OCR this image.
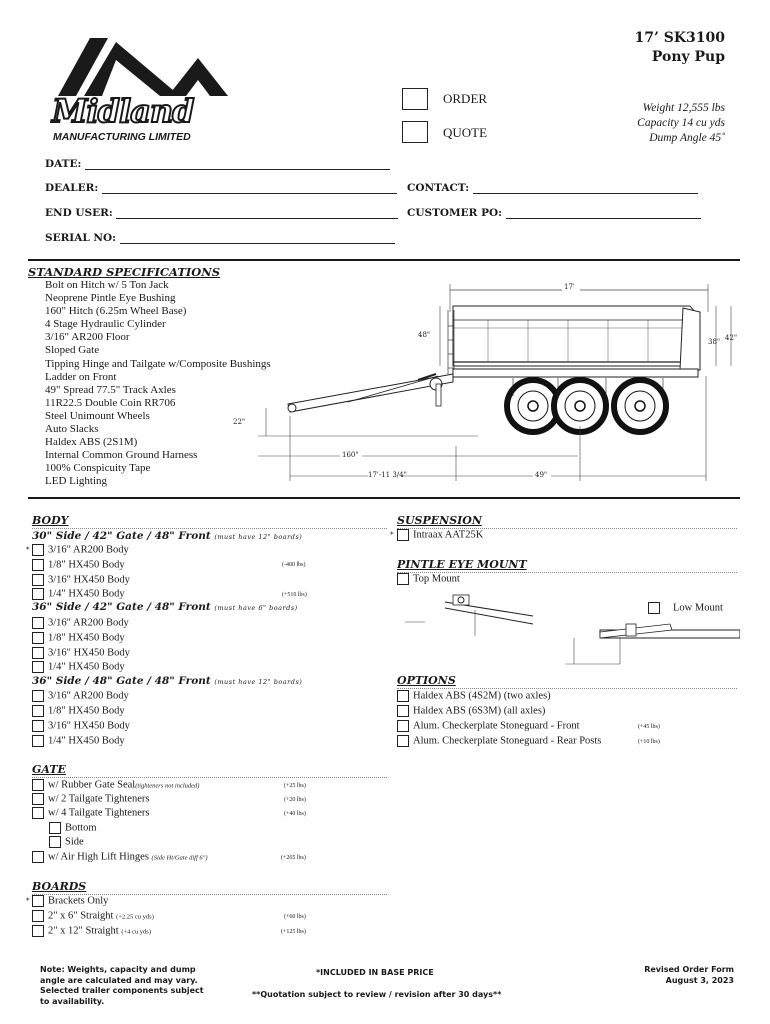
Midland
MANUFACTURING LIMITED
ORDER
QUOTE
17’ SK3100
Pony Pup
Weight 12,555 lbs
Capacity 14 cu yds
Dump Angle 45˚
DATE:
DEALER:
END USER:
SERIAL NO:
CONTACT:
CUSTOMER PO:
STANDARD SPECIFICATIONS
Bolt on Hitch w/ 5 Ton Jack
Neoprene Pintle Eye Bushing
160" Hitch (6.25m Wheel Base)
4 Stage Hydraulic Cylinder
3/16" AR200 Floor
Sloped Gate
Tipping Hinge and Tailgate w/Composite Bushings
Ladder on Front
49" Spread 77.5" Track Axles
11R22.5 Double Coin RR706
Steel Unimount Wheels
Auto Slacks
Haldex ABS (2S1M)
Internal Common Ground Harness
100% Conspicuity Tape
LED Lighting
17'
48"
38" 42"
22"
160"
17'-11 3/4"	49"
BODY
30" Side / 42" Gate / 48" Front (must have 12" boards)
*	3/16" AR200 Body
1/8" HX450 Body	(-400 lbs)
3/16" HX450 Body
1/4" HX450 Body	(+510 lbs)
36" Side / 42" Gate / 48" Front (must have 6" boards)
3/16" AR200 Body
1/8" HX450 Body
3/16" HX450 Body
1/4" HX450 Body
36" Side / 48" Gate / 48" Front (must have 12" boards)
3/16" AR200 Body
1/8" HX450 Body
3/16" HX450 Body
1/4" HX450 Body
SUSPENSION
*	Intraax AAT25K
PINTLE EYE MOUNT
Top Mount
Low Mount
OPTIONS
Haldex ABS (4S2M) (two axles)
Haldex ABS (6S3M) (all axles)
Alum. Checkerplate Stoneguard - Front	(+45 lbs)
Alum. Checkerplate Stoneguard - Rear Posts	(+10 lbs)
GATE
w/ Rubber Gate Seal(tighteners not included)	(+25 lbs)
w/ 2 Tailgate Tighteners	(+20 lbs)
w/ 4 Tailgate Tighteners	(+40 lbs)
Bottom
Side
w/ Air High Lift Hinges (Side Ht/Gate diff 6")	(+265 lbs)
BOARDS
*	Brackets Only
2" x 6" Straight (+2.25 cu yds)	(+60 lbs)
2" x 12" Straight (+4 cu yds)	(+125 lbs)
Note: Weights, capacity and dump
angle are calculated and may vary.
Selected trailer components subject
to availability.
*INCLUDED IN BASE PRICE
**Quotation subject to review / revision after 30 days**
Revised Order Form
August 3, 2023
